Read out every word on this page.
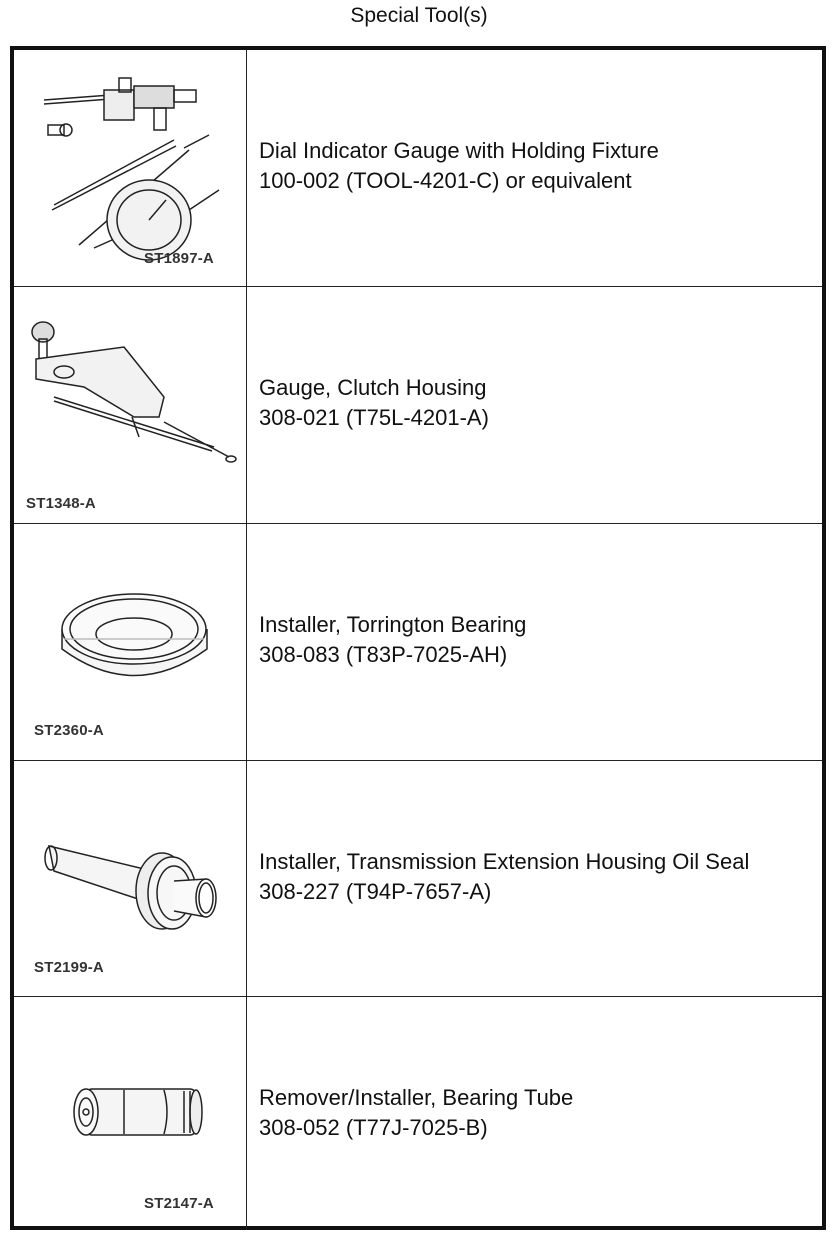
Special Tool(s)
ST1897-A
Dial Indicator Gauge with Holding Fixture
100-002 (TOOL-4201-C) or equivalent
ST1348-A
Gauge, Clutch Housing
308-021 (T75L-4201-A)
ST2360-A
Installer, Torrington Bearing
308-083 (T83P-7025-AH)
ST2199-A
Installer, Transmission Extension Housing Oil Seal
308-227 (T94P-7657-A)
ST2147-A
Remover/Installer, Bearing Tube
308-052 (T77J-7025-B)
